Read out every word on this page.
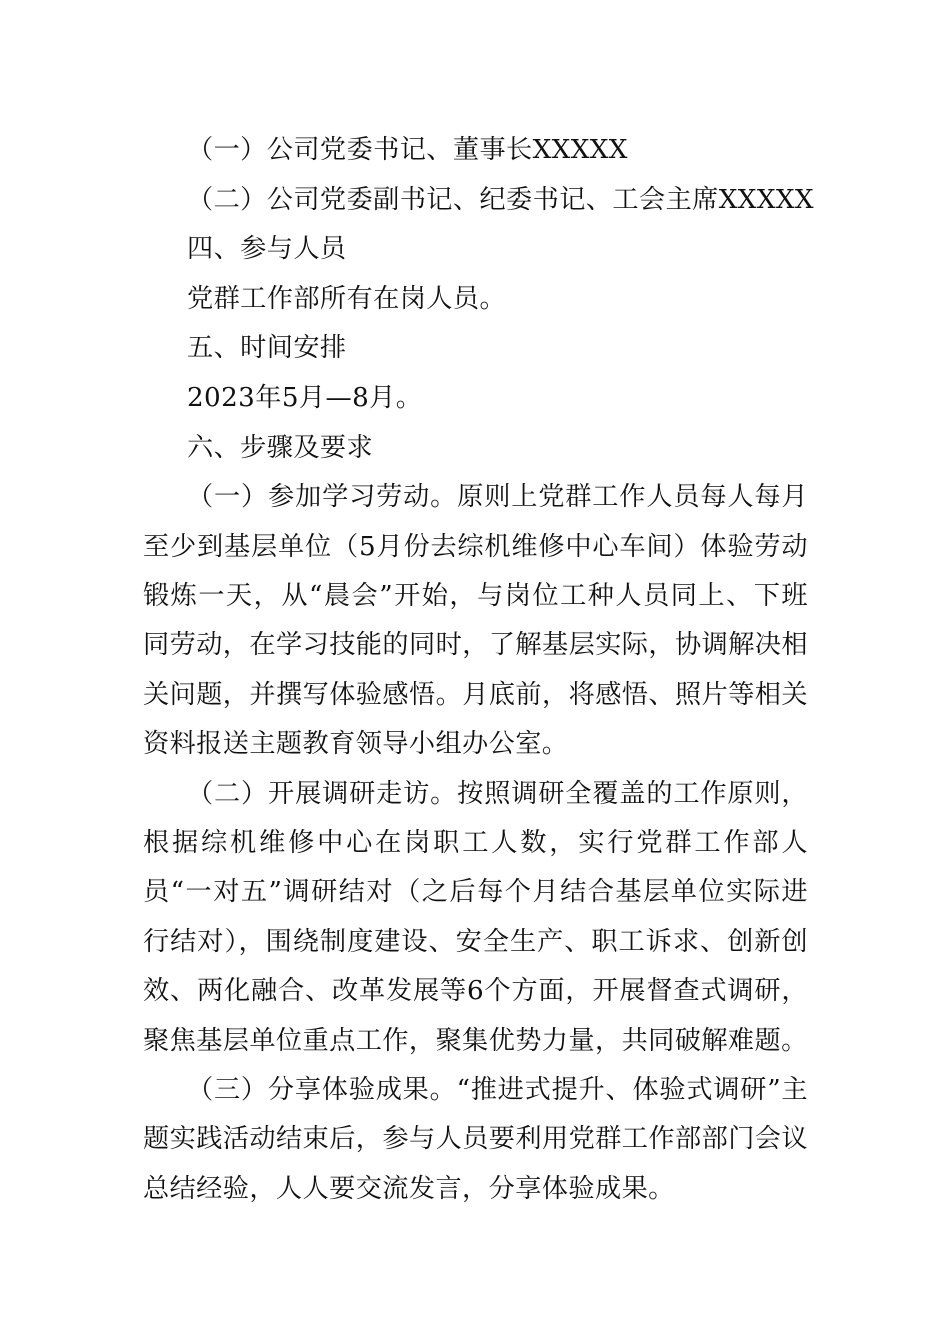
（一）公司党委书记、董事长XXXXX
（二）公司党委副书记、纪委书记、工会主席XXXXX
四、参与人员
党群工作部所有在岗人员。
五、时间安排
2023年5月—8月。
六、步骤及要求
（一）参加学习劳动。原则上党群工作人员每人每月至少到基层单位（5月份去综机维修中心车间）体验劳动锻炼一天，从“晨会”开始，与岗位工种人员同上、下班同劳动，在学习技能的同时，了解基层实际，协调解决相关问题，并撰写体验感悟。月底前，将感悟、照片等相关资料报送主题教育领导小组办公室。
（二）开展调研走访。按照调研全覆盖的工作原则，根据综机维修中心在岗职工人数，实行党群工作部人员“一对五”调研结对（之后每个月结合基层单位实际进行结对），围绕制度建设、安全生产、职工诉求、创新创效、两化融合、改革发展等6个方面，开展督查式调研，聚焦基层单位重点工作，聚集优势力量，共同破解难题。
（三）分享体验成果。“推进式提升、体验式调研”主题实践活动结束后，参与人员要利用党群工作部部门会议总结经验，人人要交流发言，分享体验成果。
